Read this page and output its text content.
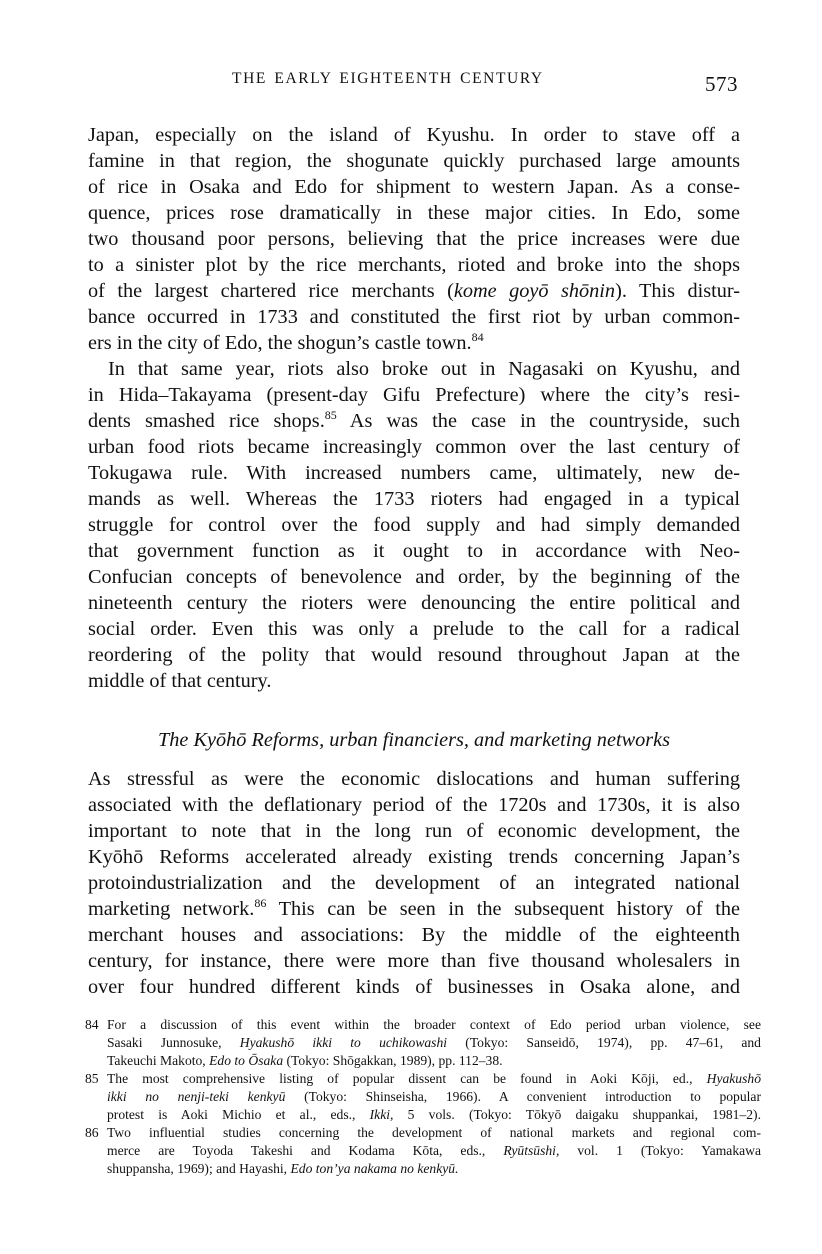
THE EARLY EIGHTEENTH CENTURY	573
Japan, especially on the island of Kyushu. In order to stave off a
famine in that region, the shogunate quickly purchased large amounts
of rice in Osaka and Edo for shipment to western Japan. As a conse-
quence, prices rose dramatically in these major cities. In Edo, some
two thousand poor persons, believing that the price increases were due
to a sinister plot by the rice merchants, rioted and broke into the shops
of the largest chartered rice merchants (kome goyō shōnin). This distur-
bance occurred in 1733 and constituted the first riot by urban common-
ers in the city of Edo, the shogun’s castle town.$^{84}$
In that same year, riots also broke out in Nagasaki on Kyushu, and
in Hida–Takayama (present-day Gifu Prefecture) where the city’s resi-
dents smashed rice shops.$^{85}$ As was the case in the countryside, such
urban food riots became increasingly common over the last century of
Tokugawa rule. With increased numbers came, ultimately, new de-
mands as well. Whereas the 1733 rioters had engaged in a typical
struggle for control over the food supply and had simply demanded
that government function as it ought to in accordance with Neo-
Confucian concepts of benevolence and order, by the beginning of the
nineteenth century the rioters were denouncing the entire political and
social order. Even this was only a prelude to the call for a radical
reordering of the polity that would resound throughout Japan at the
middle of that century.
The Kyōhō Reforms, urban financiers, and marketing networks
As stressful as were the economic dislocations and human suffering
associated with the deflationary period of the 1720s and 1730s, it is also
important to note that in the long run of economic development, the
Kyōhō Reforms accelerated already existing trends concerning Japan’s
protoindustrialization and the development of an integrated national
marketing network.$^{86}$ This can be seen in the subsequent history of the
merchant houses and associations: By the middle of the eighteenth
century, for instance, there were more than five thousand wholesalers in
over four hundred different kinds of businesses in Osaka alone, and
84 For a discussion of this event within the broader context of Edo period urban violence, see
Sasaki Junnosuke, Hyakushō ikki to uchikowashi (Tokyo: Sanseidō, 1974), pp. 47–61, and
Takeuchi Makoto, Edo to Ōsaka (Tokyo: Shōgakkan, 1989), pp. 112–38.
85 The most comprehensive listing of popular dissent can be found in Aoki Kōji, ed., Hyakushō
ikki no nenji-teki kenkyū (Tokyo: Shinseisha, 1966). A convenient introduction to popular
protest is Aoki Michio et al., eds., Ikki, 5 vols. (Tokyo: Tōkyō daigaku shuppankai, 1981–2).
86 Two influential studies concerning the development of national markets and regional com-
merce are Toyoda Takeshi and Kodama Kōta, eds., Ryūtsūshi, vol. 1 (Tokyo: Yamakawa
shuppansha, 1969); and Hayashi, Edo ton’ya nakama no kenkyū.
